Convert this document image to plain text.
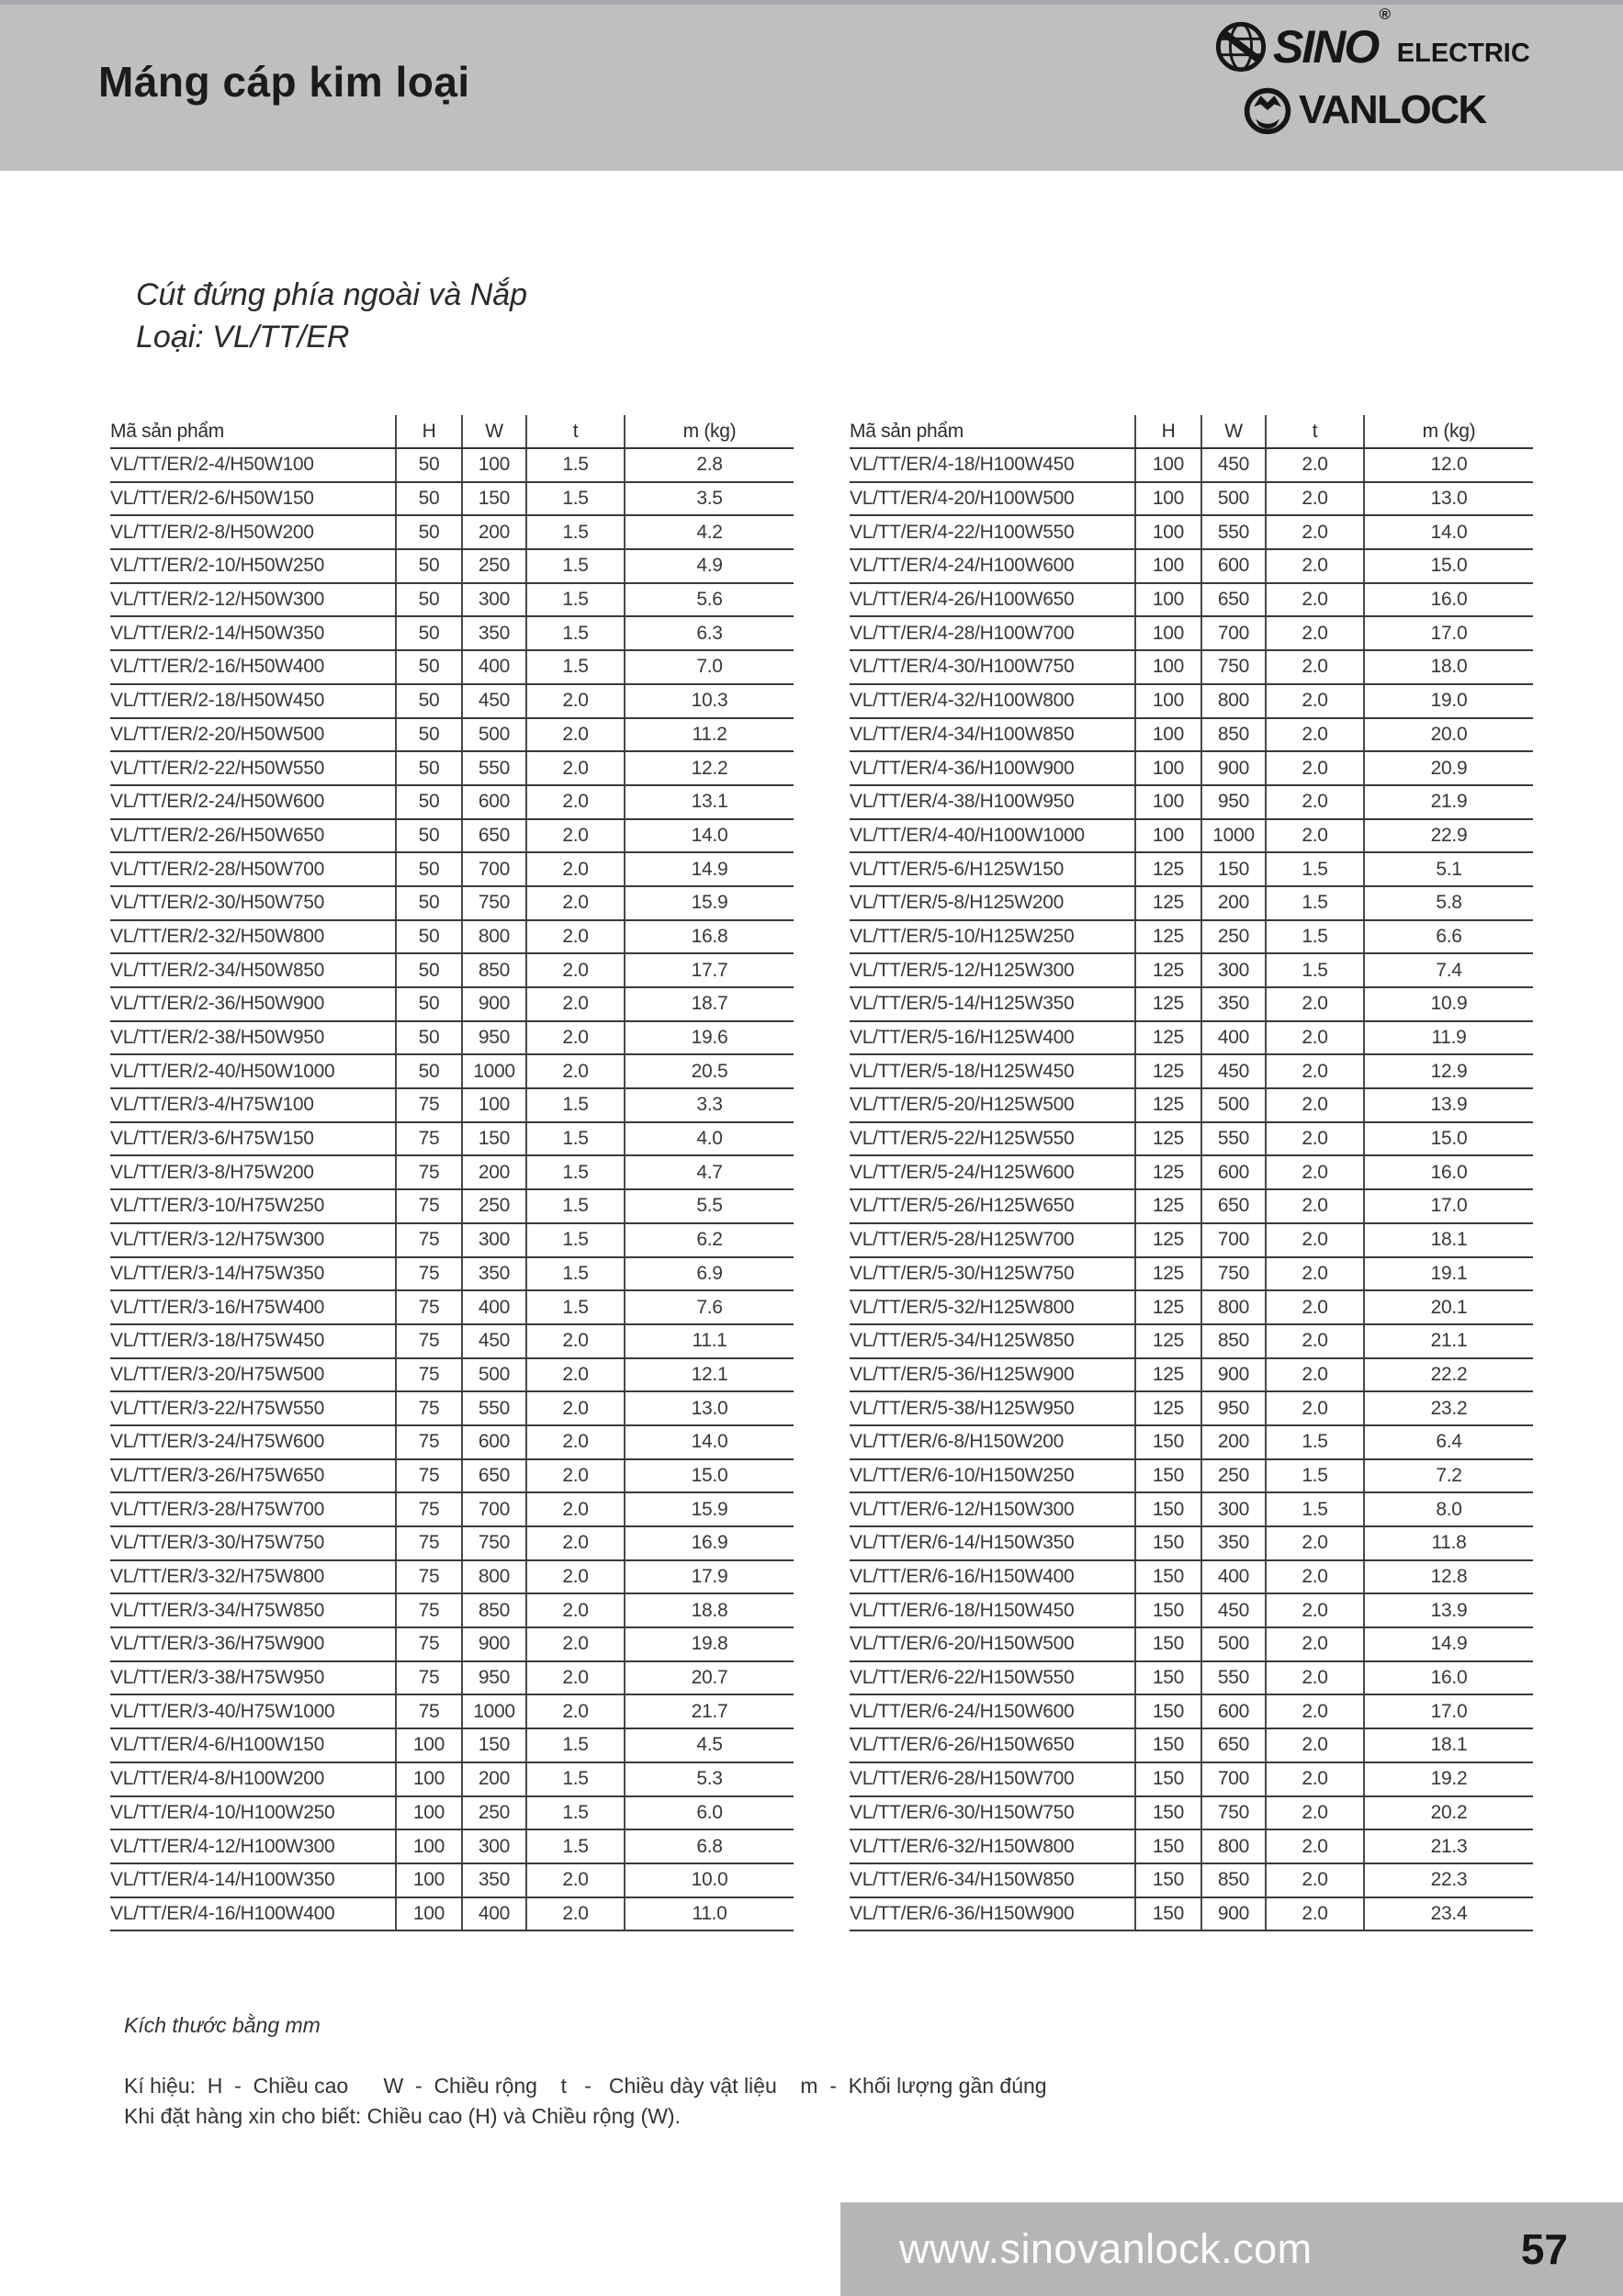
Máng cáp kim loại
SINO®
ELECTRIC
VANLOCK
Cút đứng phía ngoài và Nắp
Loại: VL/TT/ER
Mã sản phẩm	H	W	t	m (kg)
VL/TT/ER/2-4/H50W100	50	100	1.5	2.8
VL/TT/ER/2-6/H50W150	50	150	1.5	3.5
VL/TT/ER/2-8/H50W200	50	200	1.5	4.2
VL/TT/ER/2-10/H50W250	50	250	1.5	4.9
VL/TT/ER/2-12/H50W300	50	300	1.5	5.6
VL/TT/ER/2-14/H50W350	50	350	1.5	6.3
VL/TT/ER/2-16/H50W400	50	400	1.5	7.0
VL/TT/ER/2-18/H50W450	50	450	2.0	10.3
VL/TT/ER/2-20/H50W500	50	500	2.0	11.2
VL/TT/ER/2-22/H50W550	50	550	2.0	12.2
VL/TT/ER/2-24/H50W600	50	600	2.0	13.1
VL/TT/ER/2-26/H50W650	50	650	2.0	14.0
VL/TT/ER/2-28/H50W700	50	700	2.0	14.9
VL/TT/ER/2-30/H50W750	50	750	2.0	15.9
VL/TT/ER/2-32/H50W800	50	800	2.0	16.8
VL/TT/ER/2-34/H50W850	50	850	2.0	17.7
VL/TT/ER/2-36/H50W900	50	900	2.0	18.7
VL/TT/ER/2-38/H50W950	50	950	2.0	19.6
VL/TT/ER/2-40/H50W1000	50	1000	2.0	20.5
VL/TT/ER/3-4/H75W100	75	100	1.5	3.3
VL/TT/ER/3-6/H75W150	75	150	1.5	4.0
VL/TT/ER/3-8/H75W200	75	200	1.5	4.7
VL/TT/ER/3-10/H75W250	75	250	1.5	5.5
VL/TT/ER/3-12/H75W300	75	300	1.5	6.2
VL/TT/ER/3-14/H75W350	75	350	1.5	6.9
VL/TT/ER/3-16/H75W400	75	400	1.5	7.6
VL/TT/ER/3-18/H75W450	75	450	2.0	11.1
VL/TT/ER/3-20/H75W500	75	500	2.0	12.1
VL/TT/ER/3-22/H75W550	75	550	2.0	13.0
VL/TT/ER/3-24/H75W600	75	600	2.0	14.0
VL/TT/ER/3-26/H75W650	75	650	2.0	15.0
VL/TT/ER/3-28/H75W700	75	700	2.0	15.9
VL/TT/ER/3-30/H75W750	75	750	2.0	16.9
VL/TT/ER/3-32/H75W800	75	800	2.0	17.9
VL/TT/ER/3-34/H75W850	75	850	2.0	18.8
VL/TT/ER/3-36/H75W900	75	900	2.0	19.8
VL/TT/ER/3-38/H75W950	75	950	2.0	20.7
VL/TT/ER/3-40/H75W1000	75	1000	2.0	21.7
VL/TT/ER/4-6/H100W150	100	150	1.5	4.5
VL/TT/ER/4-8/H100W200	100	200	1.5	5.3
VL/TT/ER/4-10/H100W250	100	250	1.5	6.0
VL/TT/ER/4-12/H100W300	100	300	1.5	6.8
VL/TT/ER/4-14/H100W350	100	350	2.0	10.0
VL/TT/ER/4-16/H100W400	100	400	2.0	11.0
Mã sản phẩm	H	W	t	m (kg)
VL/TT/ER/4-18/H100W450	100	450	2.0	12.0
VL/TT/ER/4-20/H100W500	100	500	2.0	13.0
VL/TT/ER/4-22/H100W550	100	550	2.0	14.0
VL/TT/ER/4-24/H100W600	100	600	2.0	15.0
VL/TT/ER/4-26/H100W650	100	650	2.0	16.0
VL/TT/ER/4-28/H100W700	100	700	2.0	17.0
VL/TT/ER/4-30/H100W750	100	750	2.0	18.0
VL/TT/ER/4-32/H100W800	100	800	2.0	19.0
VL/TT/ER/4-34/H100W850	100	850	2.0	20.0
VL/TT/ER/4-36/H100W900	100	900	2.0	20.9
VL/TT/ER/4-38/H100W950	100	950	2.0	21.9
VL/TT/ER/4-40/H100W1000	100	1000	2.0	22.9
VL/TT/ER/5-6/H125W150	125	150	1.5	5.1
VL/TT/ER/5-8/H125W200	125	200	1.5	5.8
VL/TT/ER/5-10/H125W250	125	250	1.5	6.6
VL/TT/ER/5-12/H125W300	125	300	1.5	7.4
VL/TT/ER/5-14/H125W350	125	350	2.0	10.9
VL/TT/ER/5-16/H125W400	125	400	2.0	11.9
VL/TT/ER/5-18/H125W450	125	450	2.0	12.9
VL/TT/ER/5-20/H125W500	125	500	2.0	13.9
VL/TT/ER/5-22/H125W550	125	550	2.0	15.0
VL/TT/ER/5-24/H125W600	125	600	2.0	16.0
VL/TT/ER/5-26/H125W650	125	650	2.0	17.0
VL/TT/ER/5-28/H125W700	125	700	2.0	18.1
VL/TT/ER/5-30/H125W750	125	750	2.0	19.1
VL/TT/ER/5-32/H125W800	125	800	2.0	20.1
VL/TT/ER/5-34/H125W850	125	850	2.0	21.1
VL/TT/ER/5-36/H125W900	125	900	2.0	22.2
VL/TT/ER/5-38/H125W950	125	950	2.0	23.2
VL/TT/ER/6-8/H150W200	150	200	1.5	6.4
VL/TT/ER/6-10/H150W250	150	250	1.5	7.2
VL/TT/ER/6-12/H150W300	150	300	1.5	8.0
VL/TT/ER/6-14/H150W350	150	350	2.0	11.8
VL/TT/ER/6-16/H150W400	150	400	2.0	12.8
VL/TT/ER/6-18/H150W450	150	450	2.0	13.9
VL/TT/ER/6-20/H150W500	150	500	2.0	14.9
VL/TT/ER/6-22/H150W550	150	550	2.0	16.0
VL/TT/ER/6-24/H150W600	150	600	2.0	17.0
VL/TT/ER/6-26/H150W650	150	650	2.0	18.1
VL/TT/ER/6-28/H150W700	150	700	2.0	19.2
VL/TT/ER/6-30/H150W750	150	750	2.0	20.2
VL/TT/ER/6-32/H150W800	150	800	2.0	21.3
VL/TT/ER/6-34/H150W850	150	850	2.0	22.3
VL/TT/ER/6-36/H150W900	150	900	2.0	23.4
Kích thước bằng mm
Kí hiệu:  H  -  Chiều cao      W  -  Chiều rộng    t   -   Chiều dày vật liệu    m  -  Khối lượng gần đúng
Khi đặt hàng xin cho biết: Chiều cao (H) và Chiều rộng (W).
www.sinovanlock.com	57
